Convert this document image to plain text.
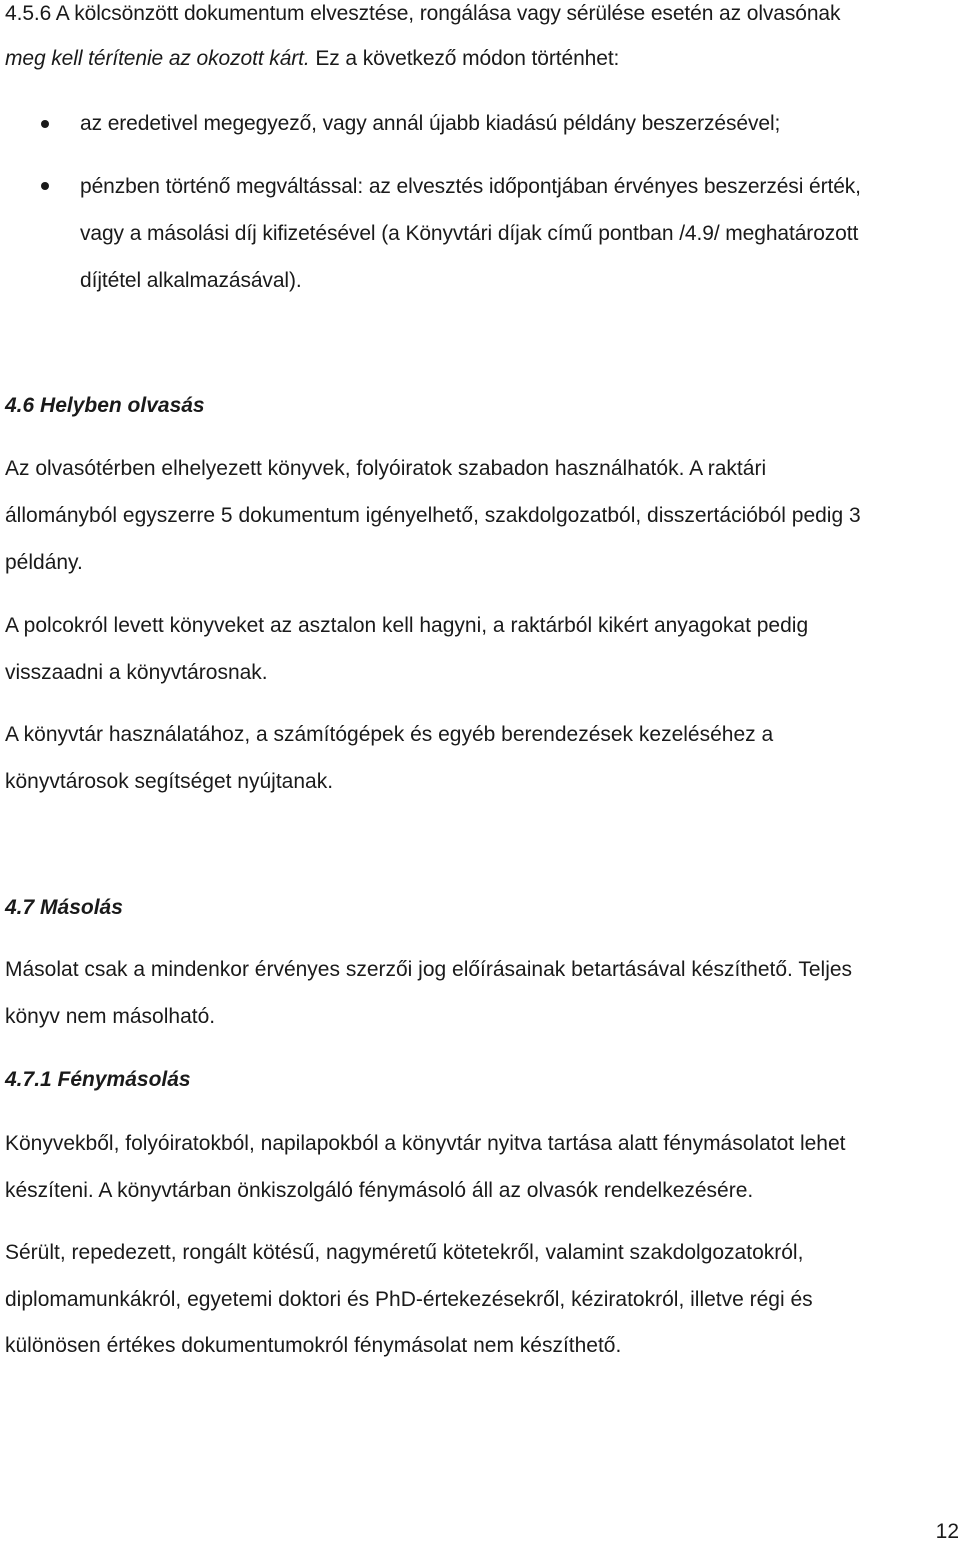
4.5.6 A kölcsönzött dokumentum elvesztése, rongálása vagy sérülése esetén az olvasónak
meg kell térítenie az okozott kárt. Ez a következő módon történhet:
az eredetivel megegyező, vagy annál újabb kiadású példány beszerzésével;
pénzben történő megváltással: az elvesztés időpontjában érvényes beszerzési érték,
vagy a másolási díj kifizetésével (a Könyvtári díjak című pontban /4.9/ meghatározott
díjtétel alkalmazásával).
4.6 Helyben olvasás
Az olvasótérben elhelyezett könyvek, folyóiratok szabadon használhatók. A raktári
állományból egyszerre 5 dokumentum igényelhető, szakdolgozatból, disszertációból pedig 3
példány.
A polcokról levett könyveket az asztalon kell hagyni, a raktárból kikért anyagokat pedig
visszaadni a könyvtárosnak.
A könyvtár használatához, a számítógépek és egyéb berendezések kezeléséhez a
könyvtárosok segítséget nyújtanak.
4.7 Másolás
Másolat csak a mindenkor érvényes szerzői jog előírásainak betartásával készíthető. Teljes
könyv nem másolható.
4.7.1 Fénymásolás
Könyvekből, folyóiratokból, napilapokból a könyvtár nyitva tartása alatt fénymásolatot lehet
készíteni. A könyvtárban önkiszolgáló fénymásoló áll az olvasók rendelkezésére.
Sérült, repedezett, rongált kötésű, nagyméretű kötetekről, valamint szakdolgozatokról,
diplomamunkákról, egyetemi doktori és PhD-értekezésekről, kéziratokról, illetve régi és
különösen értékes dokumentumokról fénymásolat nem készíthető.
12
